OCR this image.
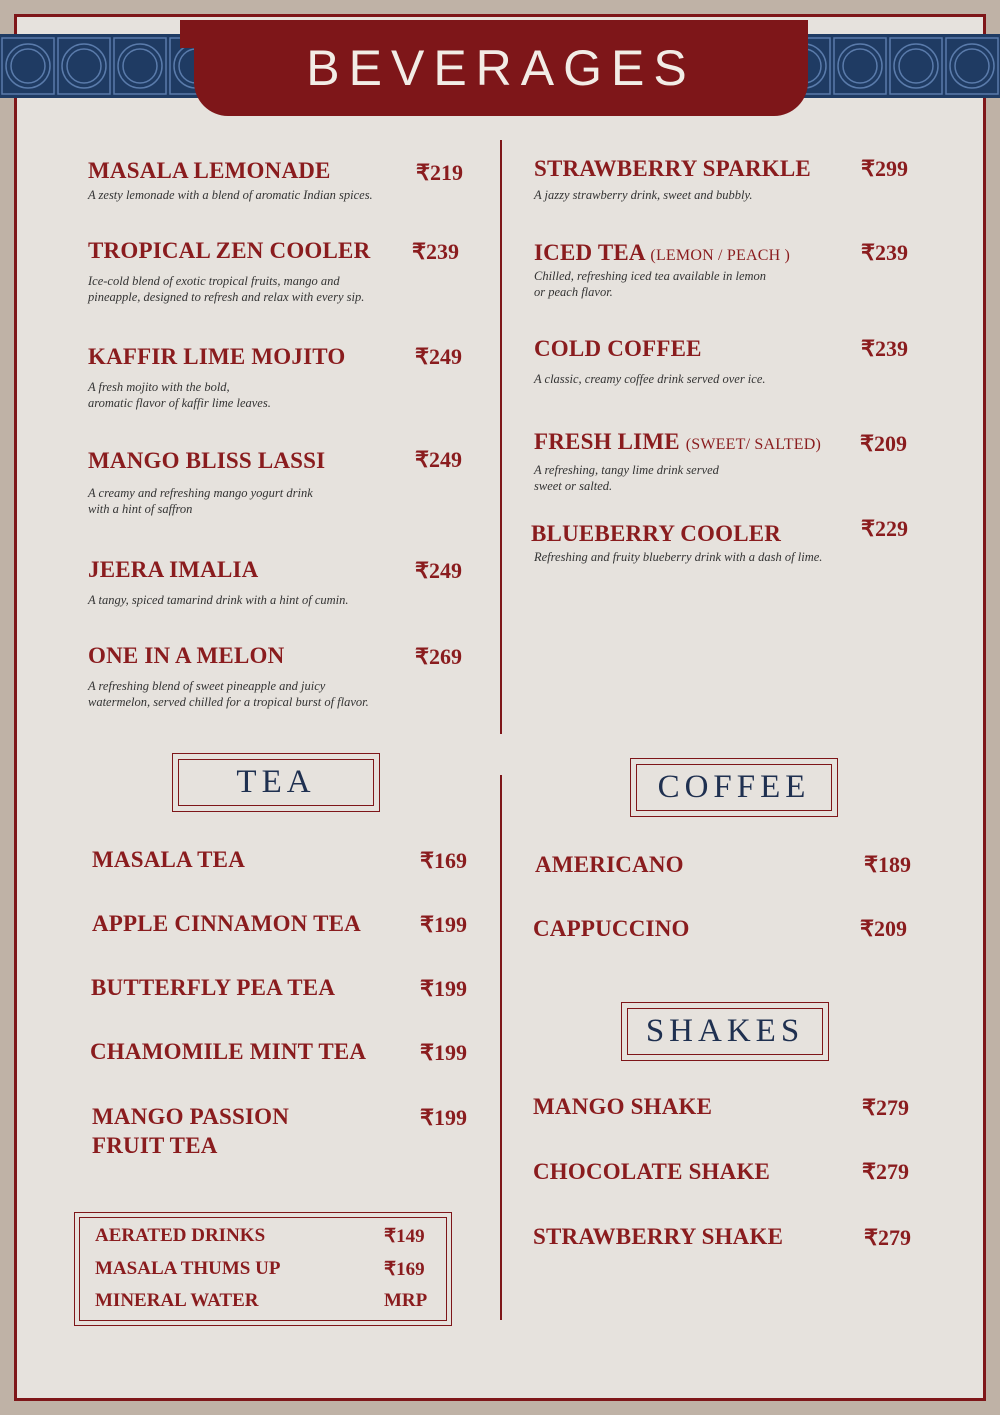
BEVERAGES
MASALA LEMONADE	₹219
A zesty lemonade with a blend of aromatic Indian spices.
TROPICAL ZEN COOLER ₹239
Ice-cold blend of exotic tropical fruits, mango and
pineapple, designed to refresh and relax with every sip.
KAFFIR LIME MOJITO	₹249
A fresh mojito with the bold,
aromatic flavor of kaffir lime leaves.
MANGO BLISS LASSI	₹249
A creamy and refreshing mango yogurt drink
with a hint of saffron
JEERA IMALIA	₹249
A tangy, spiced tamarind drink with a hint of cumin.
ONE IN A MELON	₹269
A refreshing blend of sweet pineapple and juicy
watermelon, served chilled for a tropical burst of flavor.
STRAWBERRY SPARKLE ₹299
A jazzy strawberry drink, sweet and bubbly.
ICED TEA (LEMON / PEACH )	₹239
Chilled, refreshing iced tea available in lemon
or peach flavor.
COLD COFFEE	₹239
A classic, creamy coffee drink served over ice.
FRESH LIME (SWEET/ SALTED) ₹209
A refreshing, tangy lime drink served
sweet or salted.
BLUEBERRY COOLER	₹229
Refreshing and fruity blueberry drink with a dash of lime.
TEA
MASALA TEA	₹169
APPLE CINNAMON TEA	₹199
BUTTERFLY PEA TEA	₹199
CHAMOMILE MINT TEA ₹199
MANGO PASSION
FRUIT TEA
₹199
AERATED DRINKS	₹149
MASALA THUMS UP	₹169
MINERAL WATER	MRP
COFFEE
AMERICANO	₹189
CAPPUCCINO	₹209
SHAKES
MANGO SHAKE	₹279
CHOCOLATE SHAKE	₹279
STRAWBERRY SHAKE	₹279
